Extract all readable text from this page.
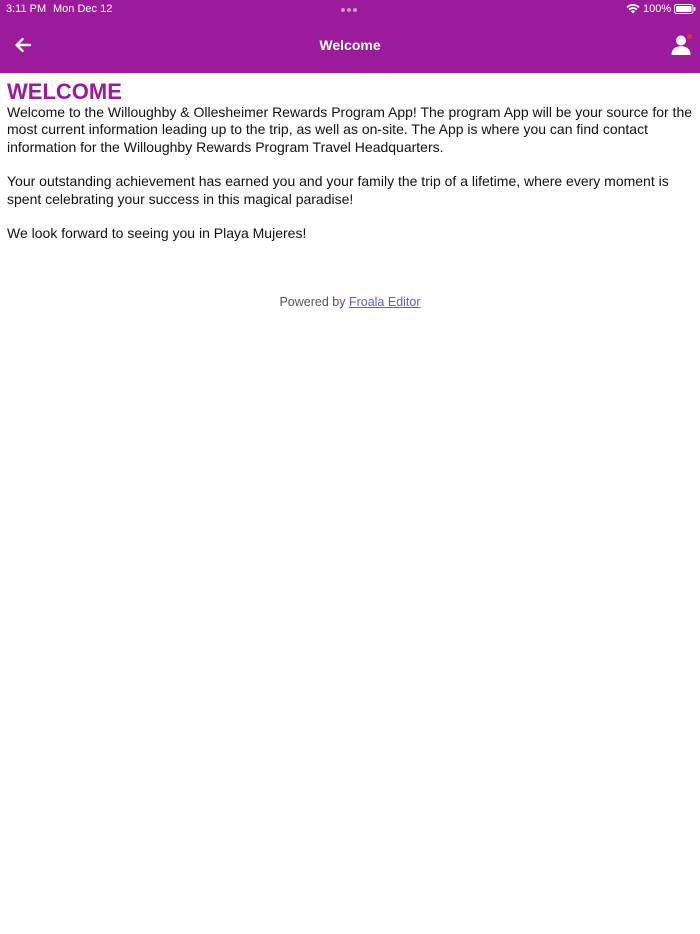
3:11 PM Mon Dec 12	100%
Welcome
WELCOME

Welcome to the Willoughby & Ollesheimer Rewards Program App! The program App will be your source for the most current information leading up to the trip, as well as on-site. The App is where you can find contact information for the Willoughby Rewards Program Travel Headquarters.

Your outstanding achievement has earned you and your family the trip of a lifetime, where every moment is spent celebrating your success in this magical paradise!

We look forward to seeing you in Playa Mujeres!

Powered by Froala Editor
